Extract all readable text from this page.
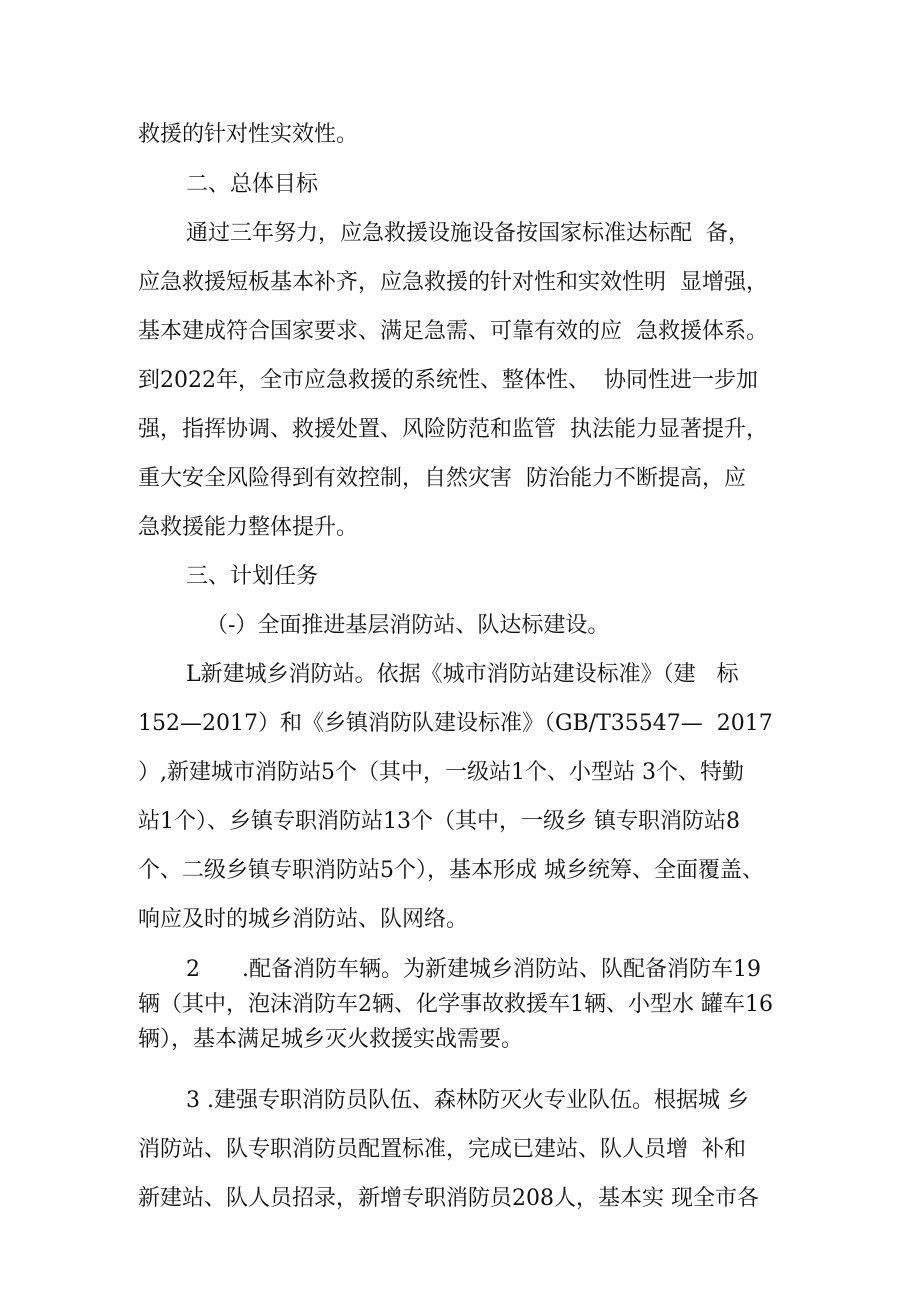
救援的针对性实效性。
二、总体目标
通过三年努力，应急救援设施设备按国家标准达标配  备，
应急救援短板基本补齐，应急救援的针对性和实效性明  显增强，
基本建成符合国家要求、满足急需、可靠有效的应  急救援体系。
到2022年，全市应急救援的系统性、整体性、  协同性进一步加
强，指挥协调、救援处置、风险防范和监管  执法能力显著提升，
重大安全风险得到有效控制，自然灾害  防治能力不断提高，应
急救援能力整体提升。
三、计划任务
（-）全面推进基层消防站、队达标建设。
L新建城乡消防站。依据《城市消防站建设标准》（建   标
152—2017）和《乡镇消防队建设标准》（GB/T35547—  2017
）,新建城市消防站5个（其中，一级站1个、小型站 3个、特勤
站1个）、乡镇专职消防站13个（其中，一级乡 镇专职消防站8
个、二级乡镇专职消防站5个），基本形成 城乡统筹、全面覆盖、
响应及时的城乡消防站、队网络。
2      .配备消防车辆。为新建城乡消防站、队配备消防车19
辆（其中，泡沫消防车2辆、化学事故救援车1辆、小型水 罐车16
辆），基本满足城乡灭火救援实战需要。
3 .建强专职消防员队伍、森林防灭火专业队伍。根据城 乡
消防站、队专职消防员配置标准，完成已建站、队人员增  补和
新建站、队人员招录，新增专职消防员208人，基本实 现全市各
